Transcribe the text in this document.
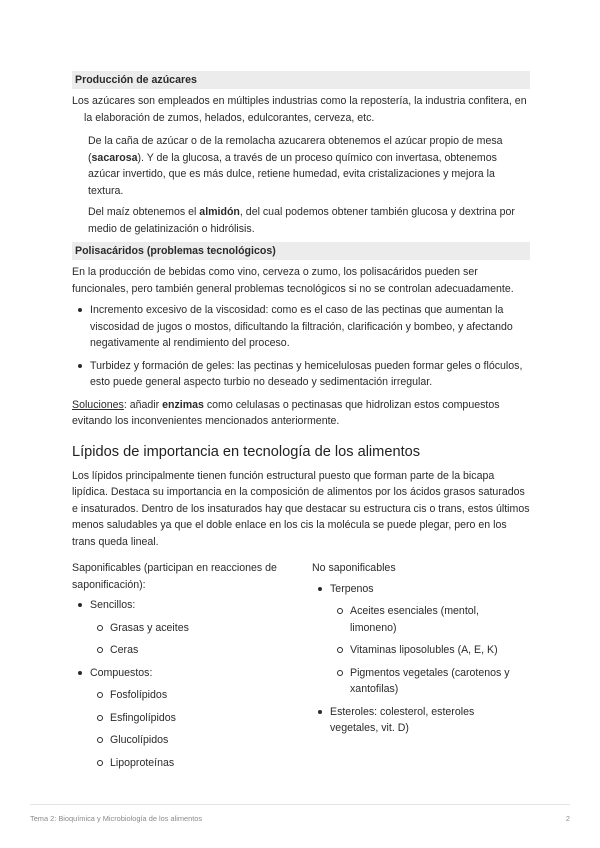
Producción de azúcares

Los azúcares son empleados en múltiples industrias como la repostería, la industria confitera, en la elaboración de zumos, helados, edulcorantes, cerveza, etc.

De la caña de azúcar o de la remolacha azucarera obtenemos el azúcar propio de mesa (sacarosa). Y de la glucosa, a través de un proceso químico con invertasa, obtenemos azúcar invertido, que es más dulce, retiene humedad, evita cristalizaciones y mejora la textura.

Del maíz obtenemos el almidón, del cual podemos obtener también glucosa y dextrina por medio de gelatinización o hidrólisis.

Polisacáridos (problemas tecnológicos)

En la producción de bebidas como vino, cerveza o zumo, los polisacáridos pueden ser funcionales, pero también general problemas tecnológicos si no se controlan adecuadamente.

Incremento excesivo de la viscosidad: como es el caso de las pectinas que aumentan la viscosidad de jugos o mostos, dificultando la filtración, clarificación y bombeo, y afectando negativamente al rendimiento del proceso.
Turbidez y formación de geles: las pectinas y hemicelulosas pueden formar geles o flóculos, esto puede general aspecto turbio no deseado y sedimentación irregular.

Soluciones: añadir enzimas como celulasas o pectinasas que hidrolizan estos compuestos evitando los inconvenientes mencionados anteriormente.

Lípidos de importancia en tecnología de los alimentos

Los lípidos principalmente tienen función estructural puesto que forman parte de la bicapa lipídica. Destaca su importancia en la composición de alimentos por los ácidos grasos saturados e insaturados. Dentro de los insaturados hay que destacar su estructura cis o trans, estos últimos menos saludables ya que el doble enlace en los cis la molécula se puede plegar, pero en los trans queda lineal.

Saponificables (participan en reacciones de saponificación):
Sencillos:
Grasas y aceites
Ceras
Compuestos:
Fosfolípidos
Esfingolípidos
Glucolípidos
Lipoproteínas
No saponificables
Terpenos
Aceites esenciales (mentol, limoneno)
Vitaminas liposolubles (A, E, K)
Pigmentos vegetales (carotenos y xantofilas)
Esteroles: colesterol, esteroles vegetales, vit. D)
Tema 2: Bioquímica y Microbiología de los alimentos	2
